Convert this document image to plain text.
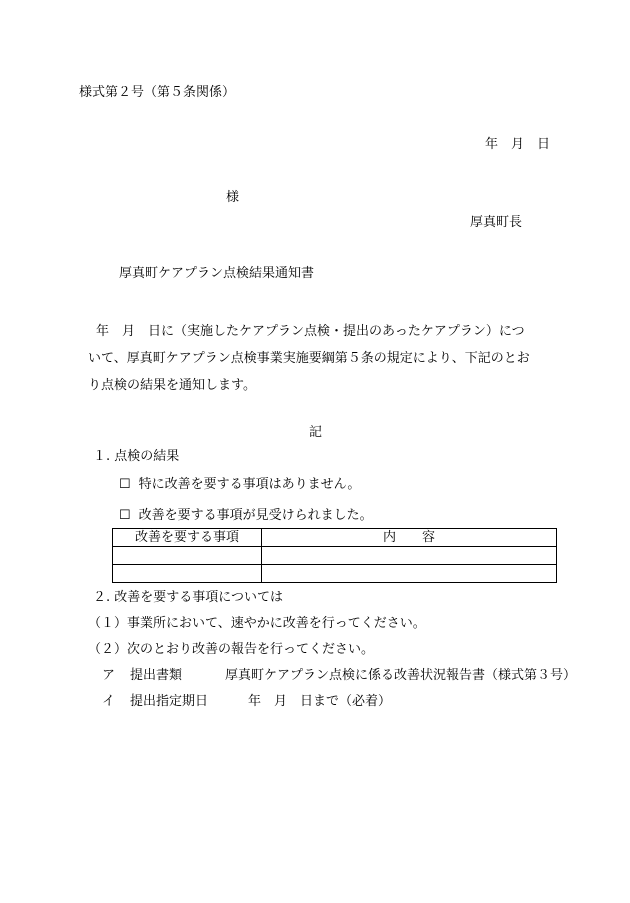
様式第２号（第５条関係）
年　月　日
様
厚真町長
厚真町ケアプラン点検結果通知書
年　月　日に（実施したケアプラン点検・提出のあったケアプラン）につ
いて、厚真町ケアプラン点検事業実施要綱第５条の規定により、下記のとお
り点検の結果を通知します。
記
１. 点検の結果
☐ 特に改善を要する事項はありません。
☐ 改善を要する事項が見受けられました。
改善を要する事項	内　　容

２. 改善を要する事項については
（１）事業所において、速やかに改善を行ってください。
（２）次のとおり改善の報告を行ってください。
ア 提出書類	厚真町ケアプラン点検に係る改善状況報告書（様式第３号）
イ 提出指定期日	年　月　日まで（必着）
